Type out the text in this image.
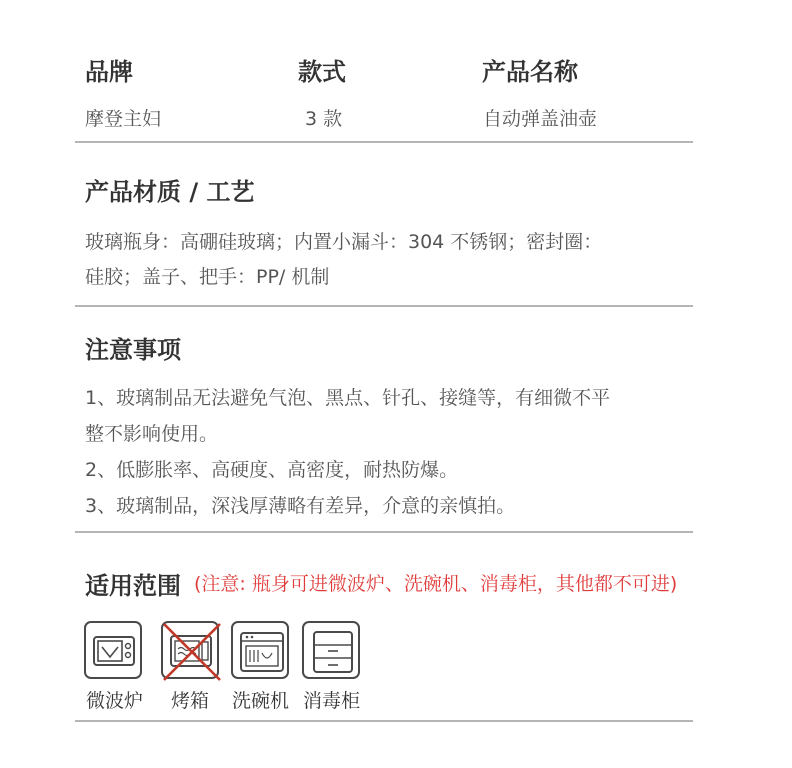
品牌	款式	产品名称
摩登主妇	3 款	自动弹盖油壶
产品材质 / 工艺
玻璃瓶身：高硼硅玻璃；内置小漏斗：304 不锈钢；密封圈：
硅胶；盖子、把手：PP/ 机制
注意事项
1、玻璃制品无法避免气泡、黑点、针孔、接缝等，有细微不平
整不影响使用。
2、低膨胀率、高硬度、高密度，耐热防爆。
3、玻璃制品，深浅厚薄略有差异，介意的亲慎拍。
适用范围 (注意: 瓶身可进微波炉、洗碗机、消毒柜，其他都不可进)
微波炉 烤箱 洗碗机 消毒柜
